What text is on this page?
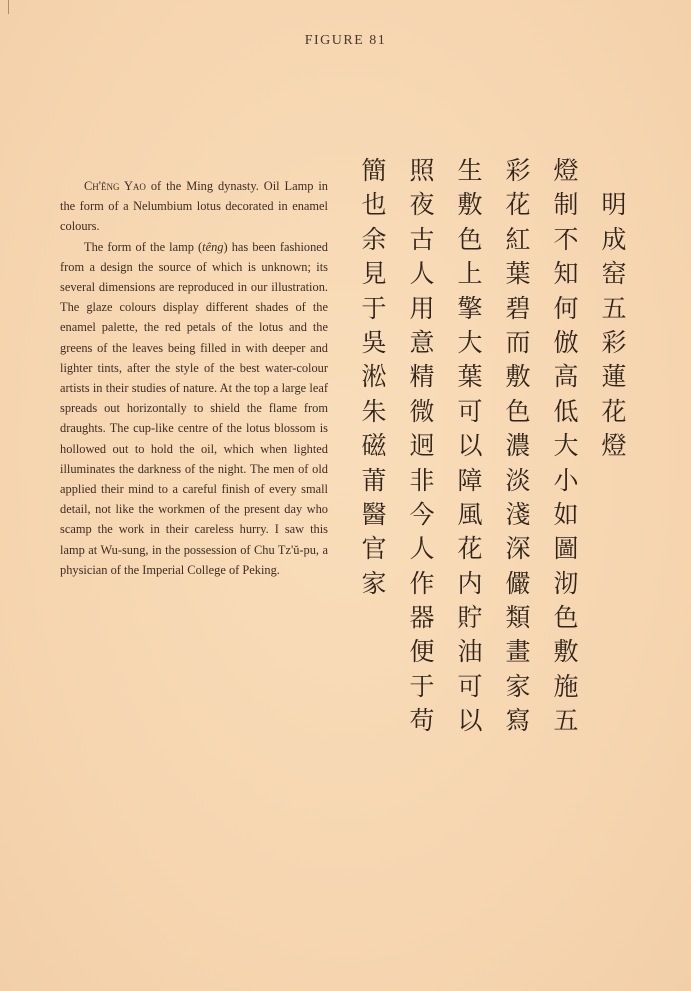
FIGURE 81

Ch'êng Yao of the Ming dynasty. Oil Lamp in the form of a Nelumbium lotus decorated in enamel colours.

The form of the lamp (têng) has been fashioned from a design the source of which is unknown; its several dimensions are reproduced in our illustration. The glaze colours display different shades of the enamel palette, the red petals of the lotus and the greens of the leaves being filled in with deeper and lighter tints, after the style of the best water-colour artists in their studies of nature. At the top a large leaf spreads out horizontally to shield the flame from draughts. The cup-like centre of the lotus blossom is hollowed out to hold the oil, which when lighted illuminates the darkness of the night. The men of old applied their mind to a careful finish of every small detail, not like the workmen of the present day who scamp the work in their careless hurry. I saw this lamp at Wu-sung, in the possession of Chu Tz'ŭ-pu, a physician of the Imperial College of Peking.

明
成
窑
五
彩
蓮
花
燈
燈
制
不
知
何
倣
高
低
大
小
如
圖
沏
色
敷
施
五
彩
花
紅
葉
碧
而
敷
色
濃
淡
淺
深
儼
類
畫
家
寫
生
敷
色
上
擎
大
葉
可
以
障
風
花
内
貯
油
可
以
照
夜
古
人
用
意
精
微
迥
非
今
人
作
器
便
于
苟
簡
也
余
見
于
吳
淞
朱
磁
莆
醫
官
家
